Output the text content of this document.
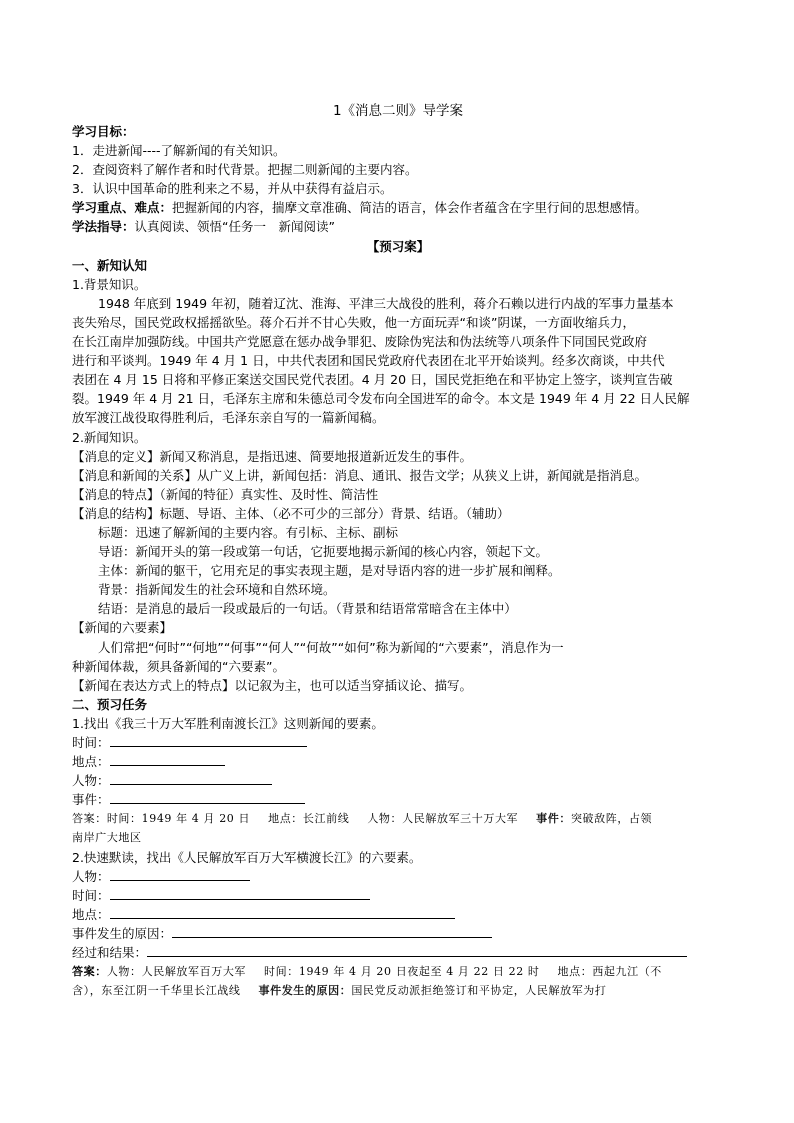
1《消息二则》导学案
学习目标：
1．走进新闻----了解新闻的有关知识。
2．查阅资料了解作者和时代背景。把握二则新闻的主要内容。
3．认识中国革命的胜利来之不易，并从中获得有益启示。
学习重点、难点：把握新闻的内容，揣摩文章准确、简洁的语言，体会作者蕴含在字里行间的思想感情。
学法指导：认真阅读、领悟“任务一　新闻阅读”
【预习案】
一、新知认知
1.背景知识。
1948 年底到 1949 年初，随着辽沈、淮海、平津三大战役的胜利，蒋介石赖以进行内战的军事力量基本
丧失殆尽，国民党政权摇摇欲坠。蒋介石并不甘心失败，他一方面玩弄“和谈”阴谋，一方面收缩兵力，
在长江南岸加强防线。中国共产党愿意在惩办战争罪犯、废除伪宪法和伪法统等八项条件下同国民党政府
进行和平谈判。1949 年 4 月 1 日，中共代表团和国民党政府代表团在北平开始谈判。经多次商谈，中共代
表团在 4 月 15 日将和平修正案送交国民党代表团。4 月 20 日，国民党拒绝在和平协定上签字，谈判宣告破
裂。1949 年 4 月 21 日，毛泽东主席和朱德总司令发布向全国进军的命令。本文是 1949 年 4 月 22 日人民解
放军渡江战役取得胜利后，毛泽东亲自写的一篇新闻稿。
2.新闻知识。
【消息的定义】新闻又称消息，是指迅速、简要地报道新近发生的事件。
【消息和新闻的关系】从广义上讲，新闻包括：消息、通讯、报告文学；从狭义上讲，新闻就是指消息。
【消息的特点】（新闻的特征）真实性、及时性、简洁性
【消息的结构】标题、导语、主体、（必不可少的三部分）背景、结语。（辅助）
标题：迅速了解新闻的主要内容。有引标、主标、副标
导语：新闻开头的第一段或第一句话，它扼要地揭示新闻的核心内容，领起下文。
主体：新闻的躯干，它用充足的事实表现主题，是对导语内容的进一步扩展和阐释。
背景：指新闻发生的社会环境和自然环境。
结语：是消息的最后一段或最后的一句话。（背景和结语常常暗含在主体中）
【新闻的六要素】
人们常把“何时”“何地”“何事”“何人”“何故”“如何”称为新闻的“六要素”，消息作为一
种新闻体裁，须具备新闻的“六要素”。
【新闻在表达方式上的特点】以记叙为主，也可以适当穿插议论、描写。
二、预习任务
1.找出《我三十万大军胜利南渡长江》这则新闻的要素。
时间：
地点：
人物：
事件：
答案：时间：1949 年 4 月 20 日 地点：长江前线 人物：人民解放军三十万大军 事件：突破敌阵，占领
南岸广大地区
2.快速默读，找出《人民解放军百万大军横渡长江》的六要素。
人物：
时间：
地点：
事件发生的原因：
经过和结果：
答案：人物：人民解放军百万大军 时间：1949 年 4 月 20 日夜起至 4 月 22 日 22 时 地点：西起九江（不
含），东至江阴一千华里长江战线 事件发生的原因：国民党反动派拒绝签订和平协定，人民解放军为打
